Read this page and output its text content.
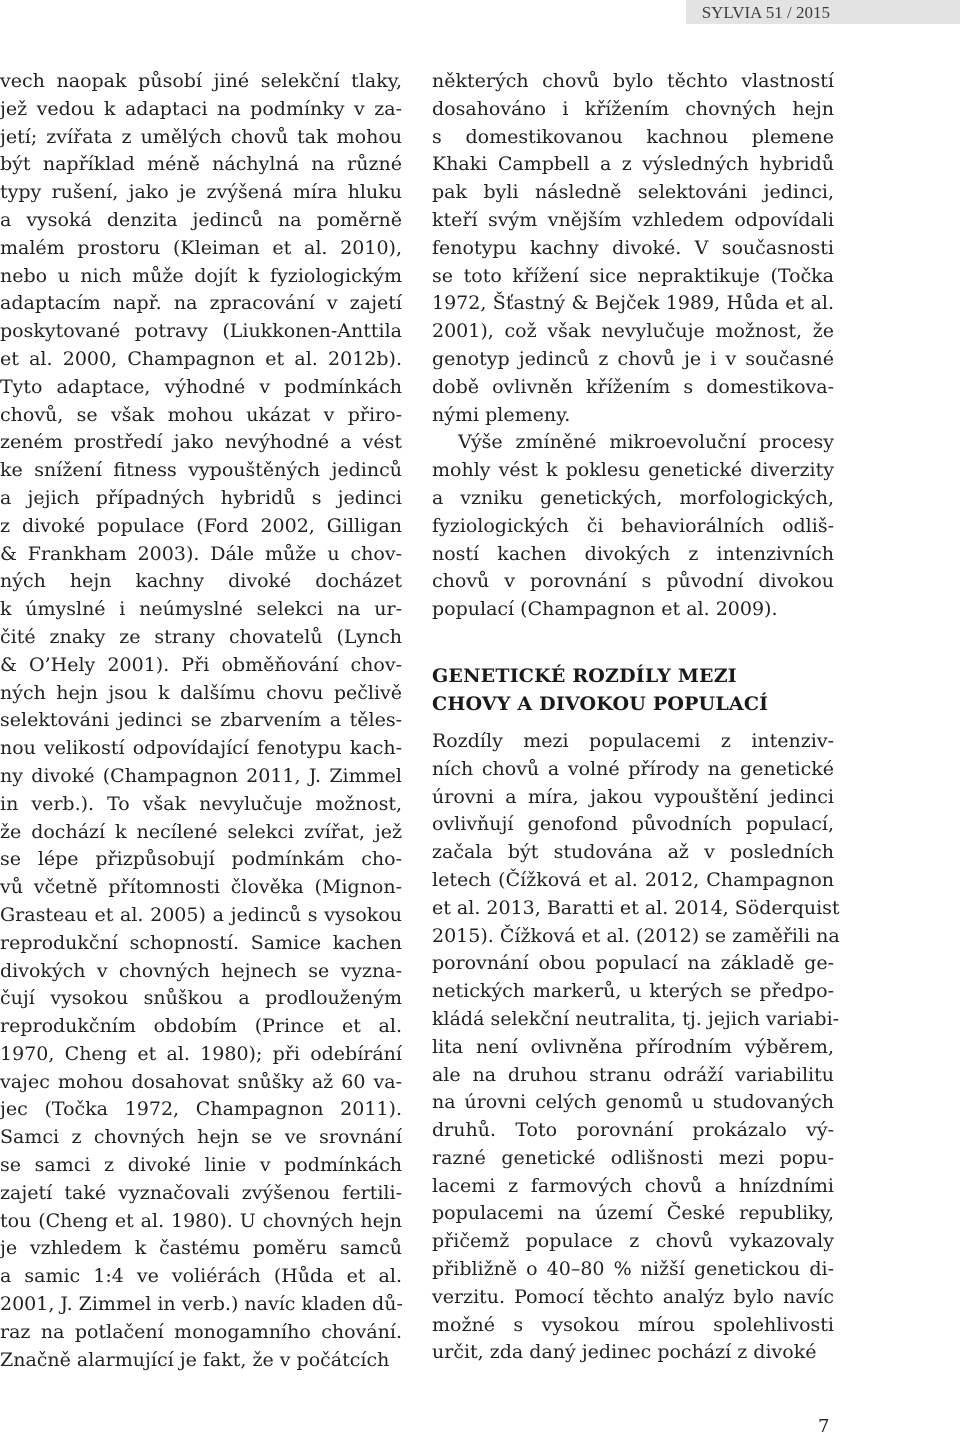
SYLVIA 51 / 2015
vech naopak působí jiné selekční tlaky,
jež vedou k adaptaci na podmínky v za-
jetí; zvířata z umělých chovů tak mohou
být například méně náchylná na různé
typy rušení, jako je zvýšená míra hluku
a vysoká denzita jedinců na poměrně
malém prostoru (Kleiman et al. 2010),
nebo u nich může dojít k fyziologickým
adaptacím např. na zpracování v zajetí
poskytované potravy (Liukkonen-Anttila
et al. 2000, Champagnon et al. 2012b).
Tyto adaptace, výhodné v podmínkách
chovů, se však mohou ukázat v přiro-
zeném prostředí jako nevýhodné a vést
ke snížení fitness vypouštěných jedinců
a jejich případných hybridů s jedinci
z divoké populace (Ford 2002, Gilligan
& Frankham 2003). Dále může u chov-
ných hejn kachny divoké docházet
k úmyslné i neúmyslné selekci na ur-
čité znaky ze strany chovatelů (Lynch
& O’Hely 2001). Při obměňování chov-
ných hejn jsou k dalšímu chovu pečlivě
selektováni jedinci se zbarvením a těles-
nou velikostí odpovídající fenotypu kach-
ny divoké (Champagnon 2011, J. Zimmel
in verb.). To však nevylučuje možnost,
že dochází k necílené selekci zvířat, jež
se lépe přizpůsobují podmínkám cho-
vů včetně přítomnosti člověka (Mignon-
Grasteau et al. 2005) a jedinců s vysokou
reprodukční schopností. Samice kachen
divokých v chovných hejnech se vyzna-
čují vysokou snůškou a prodlouženým
reprodukčním obdobím (Prince et al.
1970, Cheng et al. 1980); při odebírání
vajec mohou dosahovat snůšky až 60 va-
jec (Točka 1972, Champagnon 2011).
Samci z chovných hejn se ve srovnání
se samci z divoké linie v podmínkách
zajetí také vyznačovali zvýšenou fertili-
tou (Cheng et al. 1980). U chovných hejn
je vzhledem k častému poměru samců
a samic 1:4 ve voliérách (Hůda et al.
2001, J. Zimmel in verb.) navíc kladen dů-
raz na potlačení monogamního chování.
Značně alarmující je fakt, že v počátcích
některých chovů bylo těchto vlastností
dosahováno i křížením chovných hejn
s domestikovanou kachnou plemene
Khaki Campbell a z výsledných hybridů
pak byli následně selektováni jedinci,
kteří svým vnějším vzhledem odpovídali
fenotypu kachny divoké. V současnosti
se toto křížení sice nepraktikuje (Točka
1972, Šťastný & Bejček 1989, Hůda et al.
2001), což však nevylučuje možnost, že
genotyp jedinců z chovů je i v současné
době ovlivněn křížením s domestikova-
nými plemeny.
Výše zmíněné mikroevoluční procesy
mohly vést k poklesu genetické diverzity
a vzniku genetických, morfologických,
fyziologických či behaviorálních odliš-
ností kachen divokých z intenzivních
chovů v porovnání s původní divokou
populací (Champagnon et al. 2009).
GENETICKÉ ROZDÍLY MEZI
CHOVY A DIVOKOU POPULACÍ
Rozdíly mezi populacemi z intenziv-
ních chovů a volné přírody na genetické
úrovni a míra, jakou vypouštění jedinci
ovlivňují genofond původních populací,
začala být studována až v posledních
letech (Čížková et al. 2012, Champagnon
et al. 2013, Baratti et al. 2014, Söderquist
2015). Čížková et al. (2012) se zaměřili na
porovnání obou populací na základě ge-
netických markerů, u kterých se předpo-
kládá selekční neutralita, tj. jejich variabi-
lita není ovlivněna přírodním výběrem,
ale na druhou stranu odráží variabilitu
na úrovni celých genomů u studovaných
druhů. Toto porovnání prokázalo vý-
razné genetické odlišnosti mezi popu-
lacemi z farmových chovů a hnízdními
populacemi na území České republiky,
přičemž populace z chovů vykazovaly
přibližně o 40–80 % nižší genetickou di-
verzitu. Pomocí těchto analýz bylo navíc
možné s vysokou mírou spolehlivosti
určit, zda daný jedinec pochází z divoké
7
